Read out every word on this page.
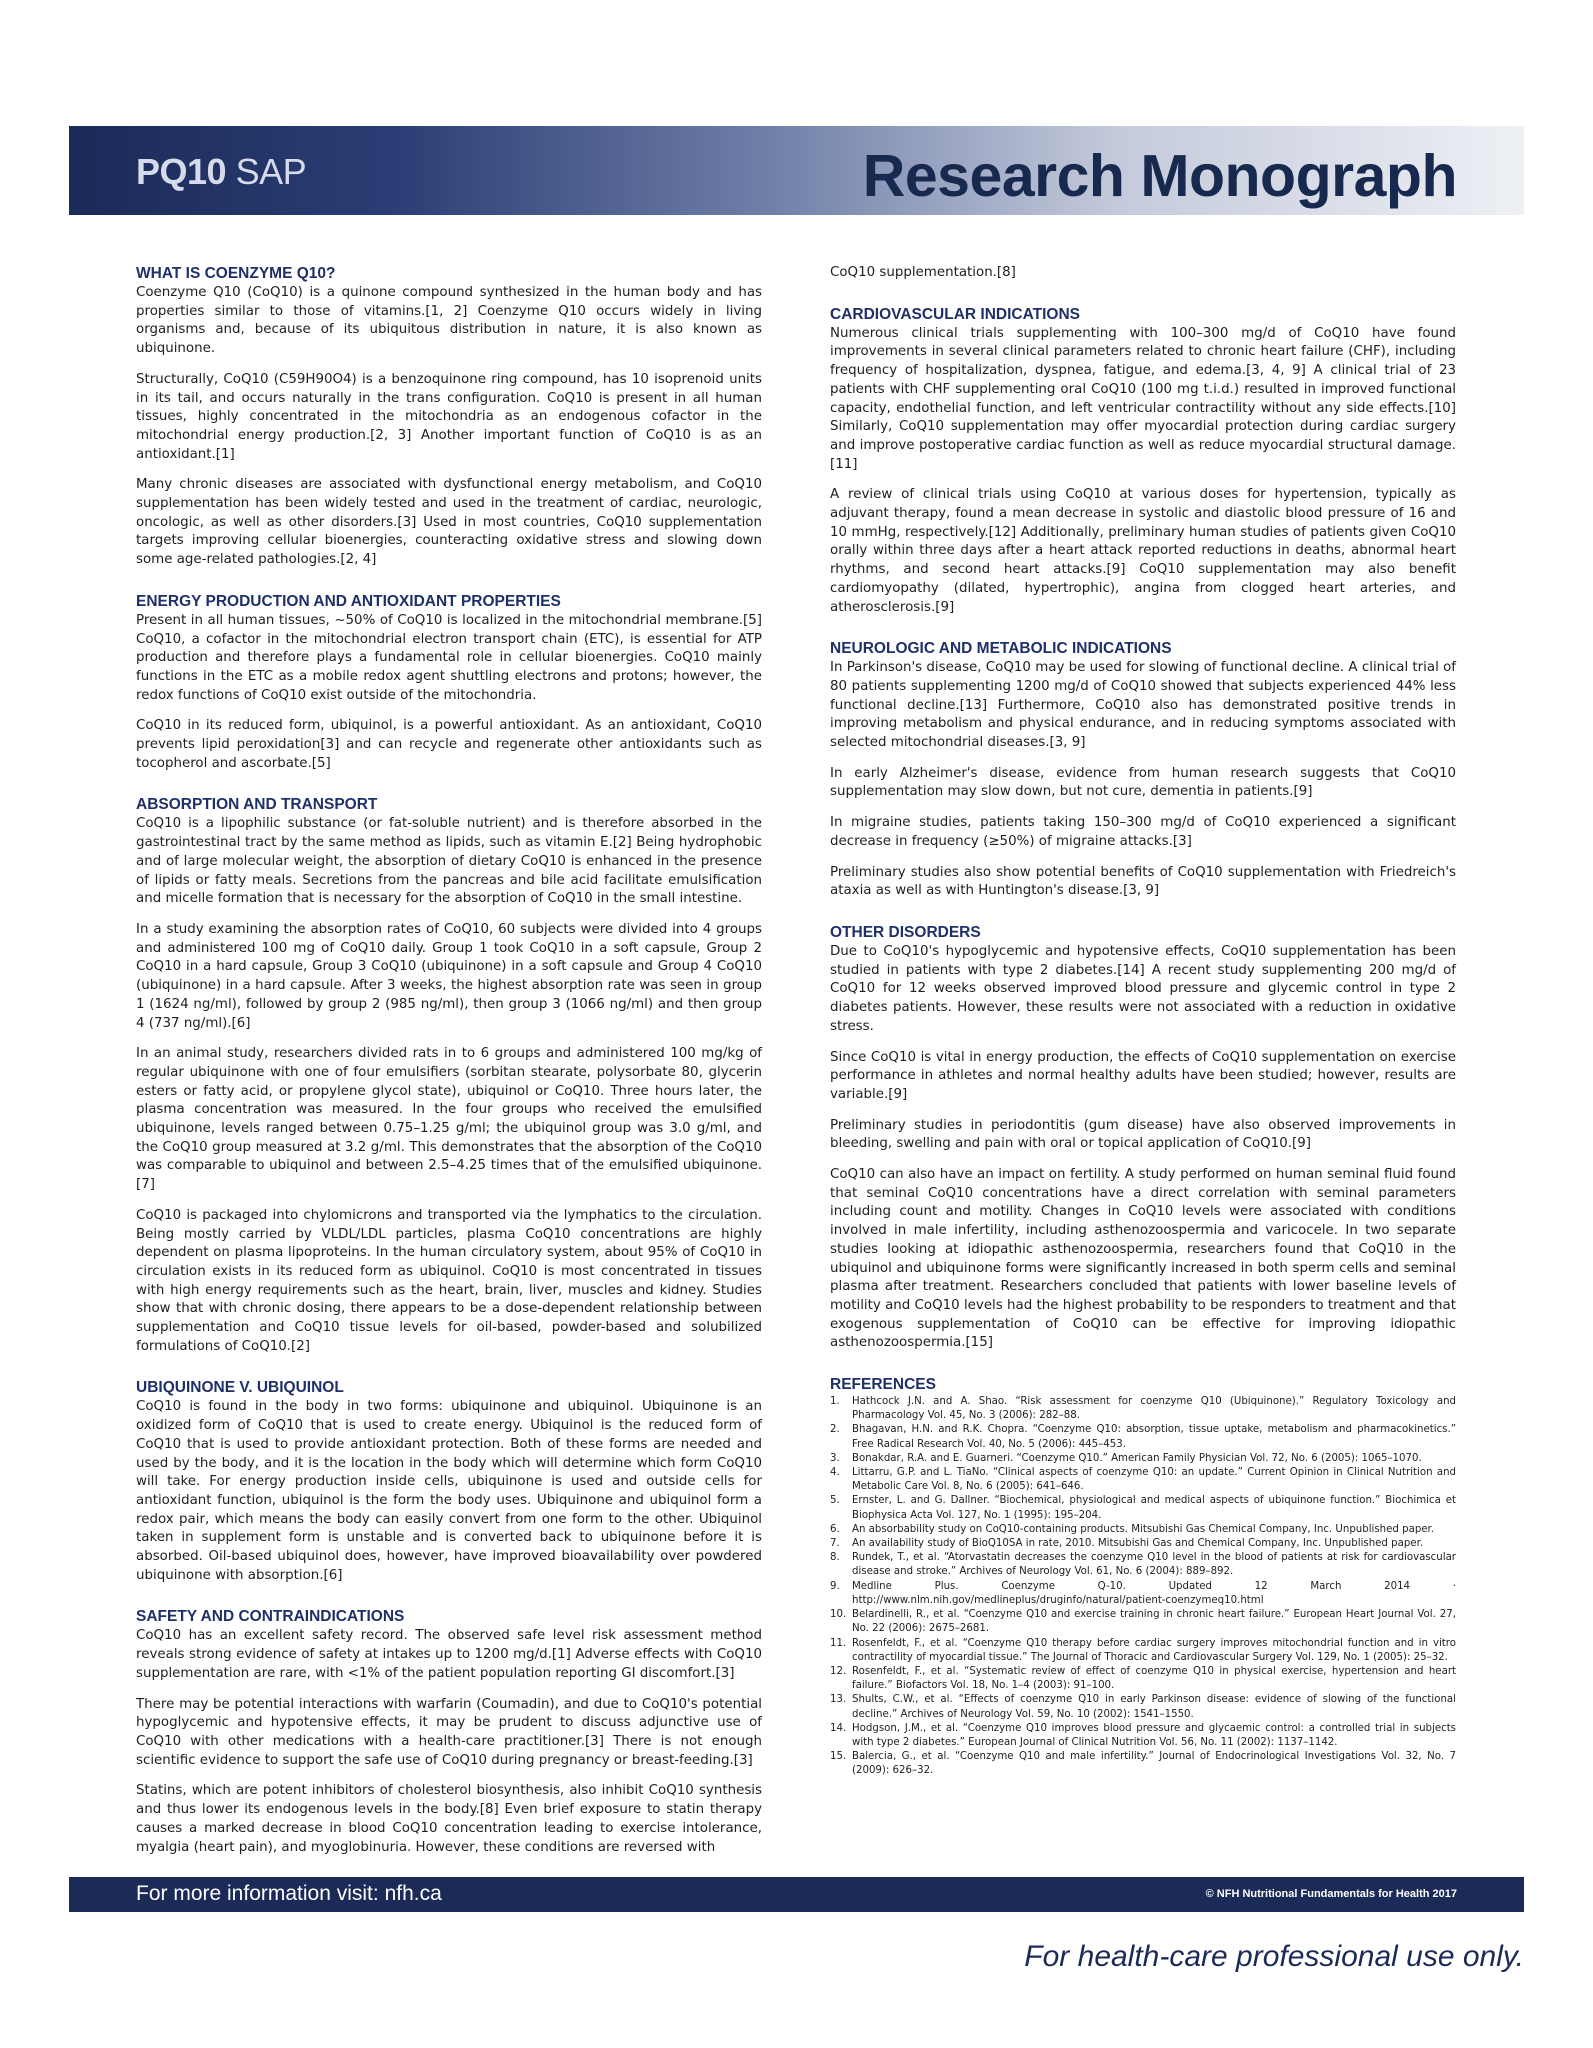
PQ10 SAP	Research Monograph
WHAT IS COENZYME Q10?

Coenzyme Q10 (CoQ10) is a quinone compound synthesized in the human body and has properties similar to those of vitamins.[1, 2] Coenzyme Q10 occurs widely in living organisms and, because of its ubiquitous distribution in nature, it is also known as ubiquinone.

Structurally, CoQ10 (C59H90O4) is a benzoquinone ring compound, has 10 isoprenoid units in its tail, and occurs naturally in the trans configuration. CoQ10 is present in all human tissues, highly concentrated in the mitochondria as an endogenous cofactor in the mitochondrial energy production.[2, 3] Another important function of CoQ10 is as an antioxidant.[1]

Many chronic diseases are associated with dysfunctional energy metabolism, and CoQ10 supplementation has been widely tested and used in the treatment of cardiac, neurologic, oncologic, as well as other disorders.[3] Used in most countries, CoQ10 supplementation targets improving cellular bioenergies, counteracting oxidative stress and slowing down some age-related pathologies.[2, 4]

ENERGY PRODUCTION AND ANTIOXIDANT PROPERTIES

Present in all human tissues, ~50% of CoQ10 is localized in the mitochondrial membrane.[5] CoQ10, a cofactor in the mitochondrial electron transport chain (ETC), is essential for ATP production and therefore plays a fundamental role in cellular bioenergies. CoQ10 mainly functions in the ETC as a mobile redox agent shuttling electrons and protons; however, the redox functions of CoQ10 exist outside of the mitochondria.

CoQ10 in its reduced form, ubiquinol, is a powerful antioxidant. As an antioxidant, CoQ10 prevents lipid peroxidation[3] and can recycle and regenerate other antioxidants such as tocopherol and ascorbate.[5]

ABSORPTION AND TRANSPORT

CoQ10 is a lipophilic substance (or fat-soluble nutrient) and is therefore absorbed in the gastrointestinal tract by the same method as lipids, such as vitamin E.[2] Being hydrophobic and of large molecular weight, the absorption of dietary CoQ10 is enhanced in the presence of lipids or fatty meals. Secretions from the pancreas and bile acid facilitate emulsification and micelle formation that is necessary for the absorption of CoQ10 in the small intestine.

In a study examining the absorption rates of CoQ10, 60 subjects were divided into 4 groups and administered 100 mg of CoQ10 daily. Group 1 took CoQ10 in a soft capsule, Group 2 CoQ10 in a hard capsule, Group 3 CoQ10 (ubiquinone) in a soft capsule and Group 4 CoQ10 (ubiquinone) in a hard capsule. After 3 weeks, the highest absorption rate was seen in group 1 (1624 ng/ml), followed by group 2 (985 ng/ml), then group 3 (1066 ng/ml) and then group 4 (737 ng/ml).[6]

In an animal study, researchers divided rats in to 6 groups and administered 100 mg/kg of regular ubiquinone with one of four emulsifiers (sorbitan stearate, polysorbate 80, glycerin esters or fatty acid, or propylene glycol state), ubiquinol or CoQ10. Three hours later, the plasma concentration was measured. In the four groups who received the emulsified ubiquinone, levels ranged between 0.75–1.25 g/ml; the ubiquinol group was 3.0 g/ml, and the CoQ10 group measured at 3.2 g/ml. This demonstrates that the absorption of the CoQ10 was comparable to ubiquinol and between 2.5–4.25 times that of the emulsified ubiquinone.[7]

CoQ10 is packaged into chylomicrons and transported via the lymphatics to the circulation. Being mostly carried by VLDL/LDL particles, plasma CoQ10 concentrations are highly dependent on plasma lipoproteins. In the human circulatory system, about 95% of CoQ10 in circulation exists in its reduced form as ubiquinol. CoQ10 is most concentrated in tissues with high energy requirements such as the heart, brain, liver, muscles and kidney. Studies show that with chronic dosing, there appears to be a dose-dependent relationship between supplementation and CoQ10 tissue levels for oil-based, powder-based and solubilized formulations of CoQ10.[2]

UBIQUINONE V. UBIQUINOL

CoQ10 is found in the body in two forms: ubiquinone and ubiquinol. Ubiquinone is an oxidized form of CoQ10 that is used to create energy. Ubiquinol is the reduced form of CoQ10 that is used to provide antioxidant protection. Both of these forms are needed and used by the body, and it is the location in the body which will determine which form CoQ10 will take. For energy production inside cells, ubiquinone is used and outside cells for antioxidant function, ubiquinol is the form the body uses. Ubiquinone and ubiquinol form a redox pair, which means the body can easily convert from one form to the other. Ubiquinol taken in supplement form is unstable and is converted back to ubiquinone before it is absorbed. Oil-based ubiquinol does, however, have improved bioavailability over powdered ubiquinone with absorption.[6]

SAFETY AND CONTRAINDICATIONS

CoQ10 has an excellent safety record. The observed safe level risk assessment method reveals strong evidence of safety at intakes up to 1200 mg/d.[1] Adverse effects with CoQ10 supplementation are rare, with <1% of the patient population reporting GI discomfort.[3]

There may be potential interactions with warfarin (Coumadin), and due to CoQ10's potential hypoglycemic and hypotensive effects, it may be prudent to discuss adjunctive use of CoQ10 with other medications with a health-care practitioner.[3] There is not enough scientific evidence to support the safe use of CoQ10 during pregnancy or breast-feeding.[3]

Statins, which are potent inhibitors of cholesterol biosynthesis, also inhibit CoQ10 synthesis and thus lower its endogenous levels in the body.[8] Even brief exposure to statin therapy causes a marked decrease in blood CoQ10 concentration leading to exercise intolerance, myalgia (heart pain), and myoglobinuria. However, these conditions are reversed with

CoQ10 supplementation.[8]

CARDIOVASCULAR INDICATIONS

Numerous clinical trials supplementing with 100–300 mg/d of CoQ10 have found improvements in several clinical parameters related to chronic heart failure (CHF), including frequency of hospitalization, dyspnea, fatigue, and edema.[3, 4, 9] A clinical trial of 23 patients with CHF supplementing oral CoQ10 (100 mg t.i.d.) resulted in improved functional capacity, endothelial function, and left ventricular contractility without any side effects.[10] Similarly, CoQ10 supplementation may offer myocardial protection during cardiac surgery and improve postoperative cardiac function as well as reduce myocardial structural damage.[11]

A review of clinical trials using CoQ10 at various doses for hypertension, typically as adjuvant therapy, found a mean decrease in systolic and diastolic blood pressure of 16 and 10 mmHg, respectively.[12] Additionally, preliminary human studies of patients given CoQ10 orally within three days after a heart attack reported reductions in deaths, abnormal heart rhythms, and second heart attacks.[9] CoQ10 supplementation may also benefit cardiomyopathy (dilated, hypertrophic), angina from clogged heart arteries, and atherosclerosis.[9]

NEUROLOGIC AND METABOLIC INDICATIONS

In Parkinson's disease, CoQ10 may be used for slowing of functional decline. A clinical trial of 80 patients supplementing 1200 mg/d of CoQ10 showed that subjects experienced 44% less functional decline.[13] Furthermore, CoQ10 also has demonstrated positive trends in improving metabolism and physical endurance, and in reducing symptoms associated with selected mitochondrial diseases.[3, 9]

In early Alzheimer's disease, evidence from human research suggests that CoQ10 supplementation may slow down, but not cure, dementia in patients.[9]

In migraine studies, patients taking 150–300 mg/d of CoQ10 experienced a significant decrease in frequency (≥50%) of migraine attacks.[3]

Preliminary studies also show potential benefits of CoQ10 supplementation with Friedreich's ataxia as well as with Huntington's disease.[3, 9]

OTHER DISORDERS

Due to CoQ10's hypoglycemic and hypotensive effects, CoQ10 supplementation has been studied in patients with type 2 diabetes.[14] A recent study supplementing 200 mg/d of CoQ10 for 12 weeks observed improved blood pressure and glycemic control in type 2 diabetes patients. However, these results were not associated with a reduction in oxidative stress.

Since CoQ10 is vital in energy production, the effects of CoQ10 supplementation on exercise performance in athletes and normal healthy adults have been studied; however, results are variable.[9]

Preliminary studies in periodontitis (gum disease) have also observed improvements in bleeding, swelling and pain with oral or topical application of CoQ10.[9]

CoQ10 can also have an impact on fertility. A study performed on human seminal fluid found that seminal CoQ10 concentrations have a direct correlation with seminal parameters including count and motility. Changes in CoQ10 levels were associated with conditions involved in male infertility, including asthenozoospermia and varicocele. In two separate studies looking at idiopathic asthenozoospermia, researchers found that CoQ10 in the ubiquinol and ubiquinone forms were significantly increased in both sperm cells and seminal plasma after treatment. Researchers concluded that patients with lower baseline levels of motility and CoQ10 levels had the highest probability to be responders to treatment and that exogenous supplementation of CoQ10 can be effective for improving idiopathic asthenozoospermia.[15]

REFERENCES
1.	Hathcock J.N. and A. Shao. “Risk assessment for coenzyme Q10 (Ubiquinone).” Regulatory Toxicology and Pharmacology Vol. 45, No. 3 (2006): 282–88.
2.	Bhagavan, H.N. and R.K. Chopra. “Coenzyme Q10: absorption, tissue uptake, metabolism and pharmacokinetics.” Free Radical Research Vol. 40, No. 5 (2006): 445–453.
3.	Bonakdar, R.A. and E. Guarneri. “Coenzyme Q10.” American Family Physician Vol. 72, No. 6 (2005): 1065–1070.
4.	Littarru, G.P. and L. TiaNo. “Clinical aspects of coenzyme Q10: an update.” Current Opinion in Clinical Nutrition and Metabolic Care Vol. 8, No. 6 (2005): 641–646.
5.	Ernster, L. and G. Dallner. “Biochemical, physiological and medical aspects of ubiquinone function.” Biochimica et Biophysica Acta Vol. 127, No. 1 (1995): 195–204.
6.	An absorbability study on CoQ10-containing products. Mitsubishi Gas Chemical Company, Inc. Unpublished paper.
7.	An availability study of BioQ10SA in rate, 2010. Mitsubishi Gas and Chemical Company, Inc. Unpublished paper.
8.	Rundek, T., et al. “Atorvastatin decreases the coenzyme Q10 level in the blood of patients at risk for cardiovascular disease and stroke.” Archives of Neurology Vol. 61, No. 6 (2004): 889–892.
9.	Medline Plus. Coenzyme Q-10. Updated 12 March 2014 · http://www.nlm.nih.gov/medlineplus/druginfo/natural/patient-coenzymeq10.html
10. Belardinelli, R., et al. “Coenzyme Q10 and exercise training in chronic heart failure.” European Heart Journal Vol. 27, No. 22 (2006): 2675–2681.
11. Rosenfeldt, F., et al. “Coenzyme Q10 therapy before cardiac surgery improves mitochondrial function and in vitro contractility of myocardial tissue.” The Journal of Thoracic and Cardiovascular Surgery Vol. 129, No. 1 (2005): 25–32.
12. Rosenfeldt, F., et al. “Systematic review of effect of coenzyme Q10 in physical exercise, hypertension and heart failure.” Biofactors Vol. 18, No. 1–4 (2003): 91–100.
13. Shults, C.W., et al. “Effects of coenzyme Q10 in early Parkinson disease: evidence of slowing of the functional decline.” Archives of Neurology Vol. 59, No. 10 (2002): 1541–1550.
14. Hodgson, J.M., et al. “Coenzyme Q10 improves blood pressure and glycaemic control: a controlled trial in subjects with type 2 diabetes.” European Journal of Clinical Nutrition Vol. 56, No. 11 (2002): 1137–1142.
15. Balercia, G., et al. “Coenzyme Q10 and male infertility.” Journal of Endocrinological Investigations Vol. 32, No. 7 (2009): 626–32.
For more information visit: nfh.ca	© NFH Nutritional Fundamentals for Health 2017
For health-care professional use only.
